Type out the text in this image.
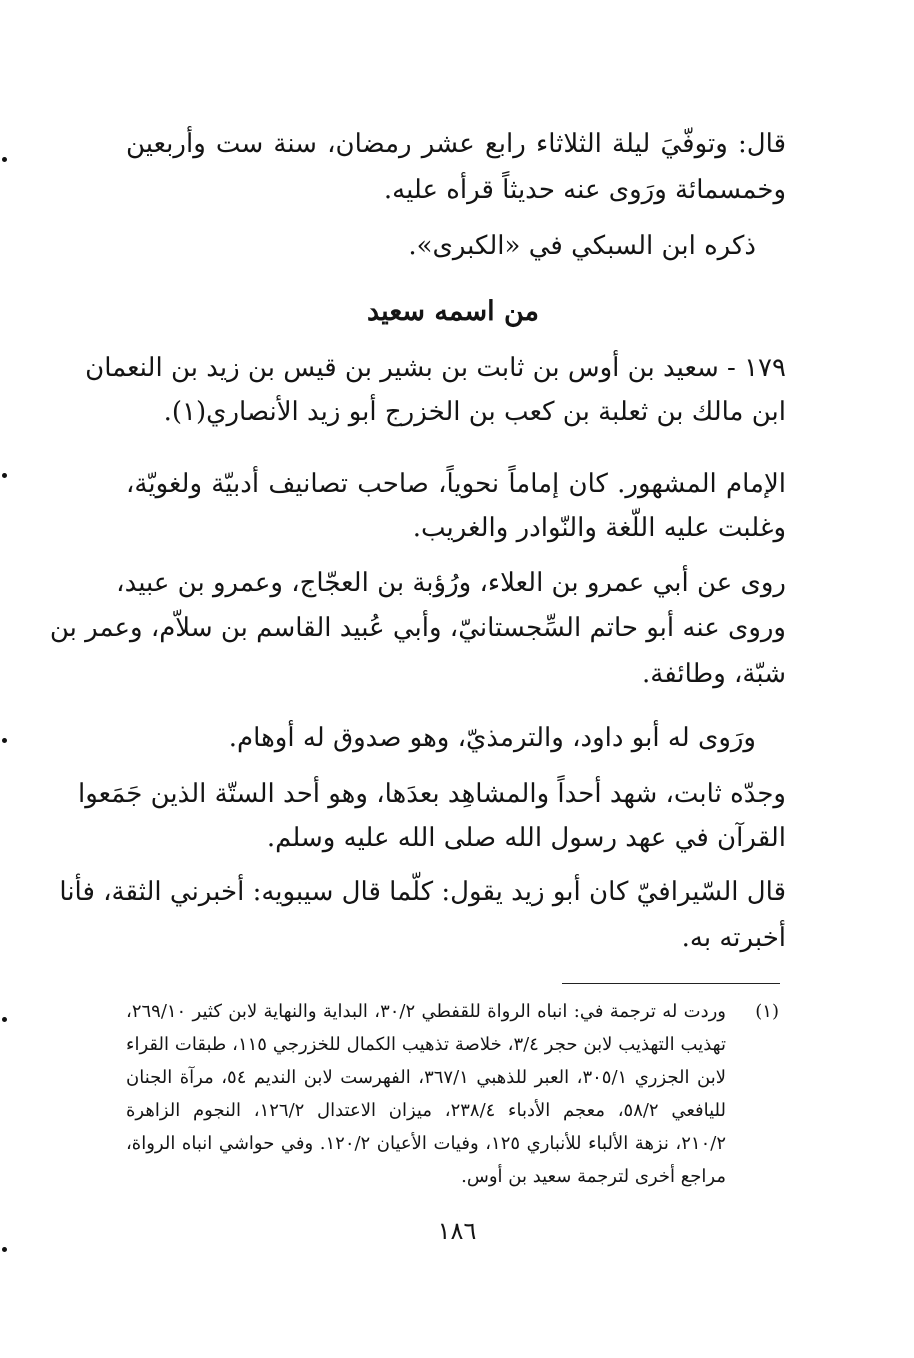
قال: وتوفّيَ ليلة الثلاثاء رابع عشر رمضان، سنة ست وأربعين
وخمسمائة ورَوى عنه حديثاً قرأه عليه.
ذكره ابن السبكي في «الكبرى».
من اسمه سعيد
١٧٩ - سعيد بن أوس بن ثابت بن بشير بن قيس بن زيد بن النعمان
ابن مالك بن ثعلبة بن كعب بن الخزرج أبو زيد الأنصاري(١).
الإمام المشهور. كان إماماً نحوياً، صاحب تصانيف أدبيّة ولغويّة،
وغلبت عليه اللّغة والنّوادر والغريب.
روى عن أبي عمرو بن العلاء، ورُؤبة بن العجّاج، وعمرو بن عبيد،
وروى عنه أبو حاتم السِّجستانيّ، وأبي عُبيد القاسم بن سلاّم، وعمر بن
شبّة، وطائفة.
ورَوى له أبو داود، والترمذيّ، وهو صدوق له أوهام.
وجدّه ثابت، شهد أحداً والمشاهِد بعدَها، وهو أحد الستّة الذين جَمَعوا
القرآن في عهد رسول الله صلى الله عليه وسلم.
قال السّيرافيّ كان أبو زيد يقول: كلّما قال سيبويه: أخبرني الثقة، فأنا
أخبرته به.
(١)
وردت له ترجمة في: انباه الرواة للقفطي ٣٠/٢، البداية والنهاية لابن كثير ٢٦٩/١٠،
تهذيب التهذيب لابن حجر ٣/٤، خلاصة تذهيب الكمال للخزرجي ١١٥، طبقات القراء
لابن الجزري ٣٠٥/١، العبر للذهبي ٣٦٧/١، الفهرست لابن النديم ٥٤، مرآة الجنان
لليافعي ٥٨/٢، معجم الأدباء ٢٣٨/٤، ميزان الاعتدال ١٢٦/٢، النجوم الزاهرة
٢١٠/٢، نزهة الألباء للأنباري ١٢٥، وفيات الأعيان ١٢٠/٢. وفي حواشي انباه الرواة،
مراجع أخرى لترجمة سعيد بن أوس.
١٨٦
